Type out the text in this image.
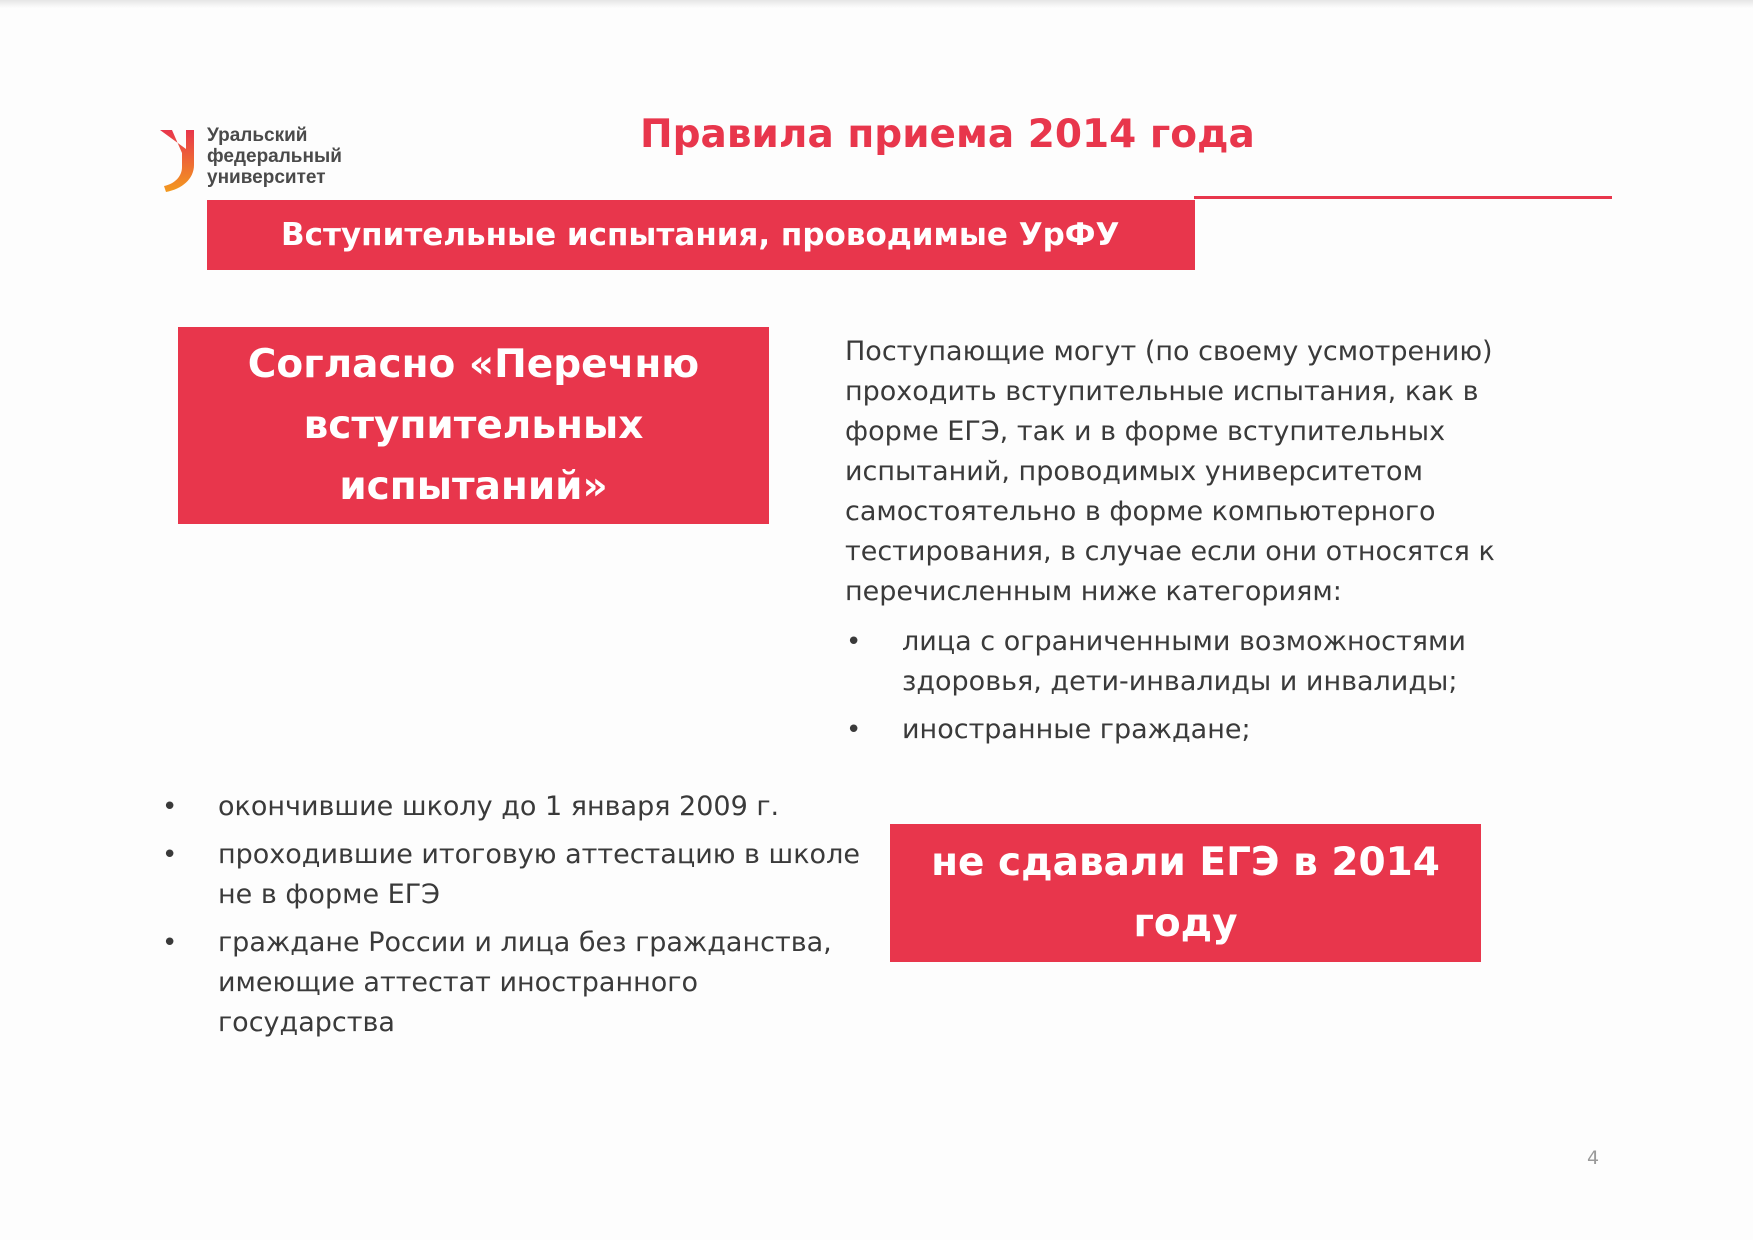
Уральский
федеральный
университет
Правила приема 2014 года
Вступительные испытания, проводимые УрФУ
Согласно «Перечню
вступительных
испытаний»
Поступающие могут (по своему усмотрению) проходить вступительные испытания, как в форме ЕГЭ, так и в форме вступительных испытаний, проводимых университетом самостоятельно в форме компьютерного тестирования, в случае если они относятся к перечисленным ниже категориям:
• лица с ограниченными возможностями здоровья, дети-инвалиды и инвалиды;
• иностранные граждане;
• окончившие школу до 1 января 2009 г.
• проходившие итоговую аттестацию в школе не в форме ЕГЭ
• граждане России и лица без гражданства, имеющие аттестат иностранного государства
не сдавали ЕГЭ в 2014
году
4
